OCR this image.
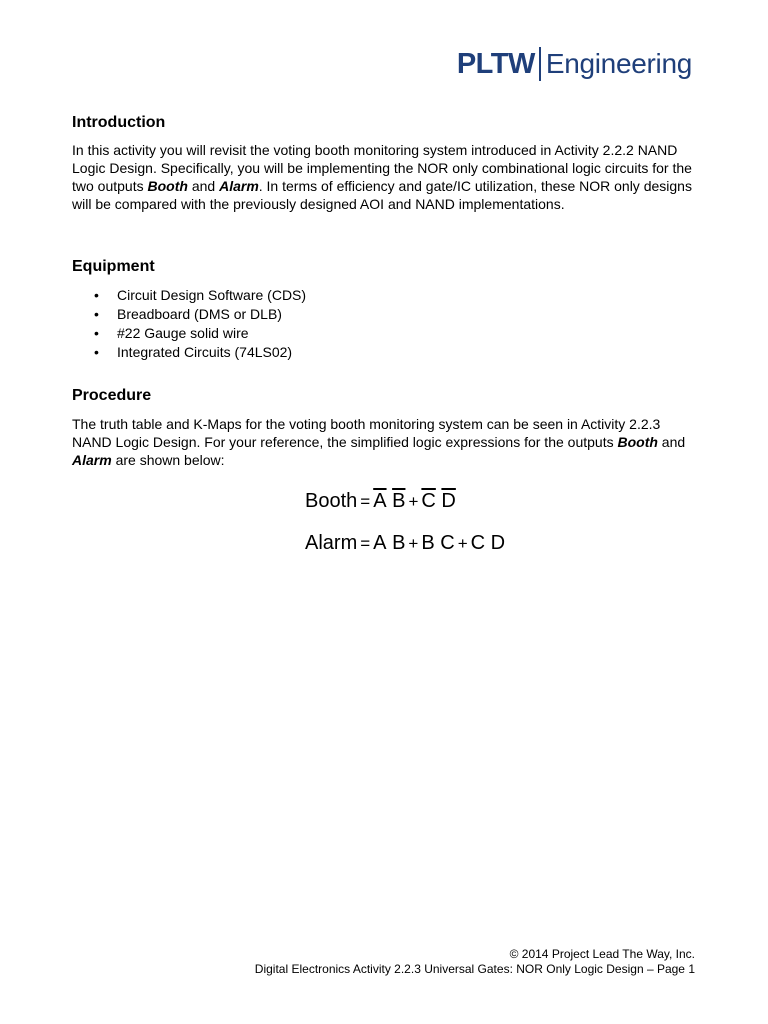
PLTW Engineering
Introduction

In this activity you will revisit the voting booth monitoring system introduced in Activity 2.2.2 NAND Logic Design. Specifically, you will be implementing the NOR only combinational logic circuits for the two outputs Booth and Alarm. In terms of efficiency and gate/IC utilization, these NOR only designs will be compared with the previously designed AOI and NAND implementations.

Equipment
• Circuit Design Software (CDS)
• Breadboard (DMS or DLB)
• #22 Gauge solid wire
• Integrated Circuits (74LS02)
Procedure

The truth table and K-Maps for the voting booth monitoring system can be seen in Activity 2.2.3 NAND Logic Design. For your reference, the simplified logic expressions for the outputs Booth and Alarm are shown below:

Booth = $\overline{A}$ $\overline{B} + \overline{C}$ $\overline{D}$
Alarm = A B + B C + C D
© 2014 Project Lead The Way, Inc.
Digital Electronics Activity 2.2.3 Universal Gates: NOR Only Logic Design – Page 1
